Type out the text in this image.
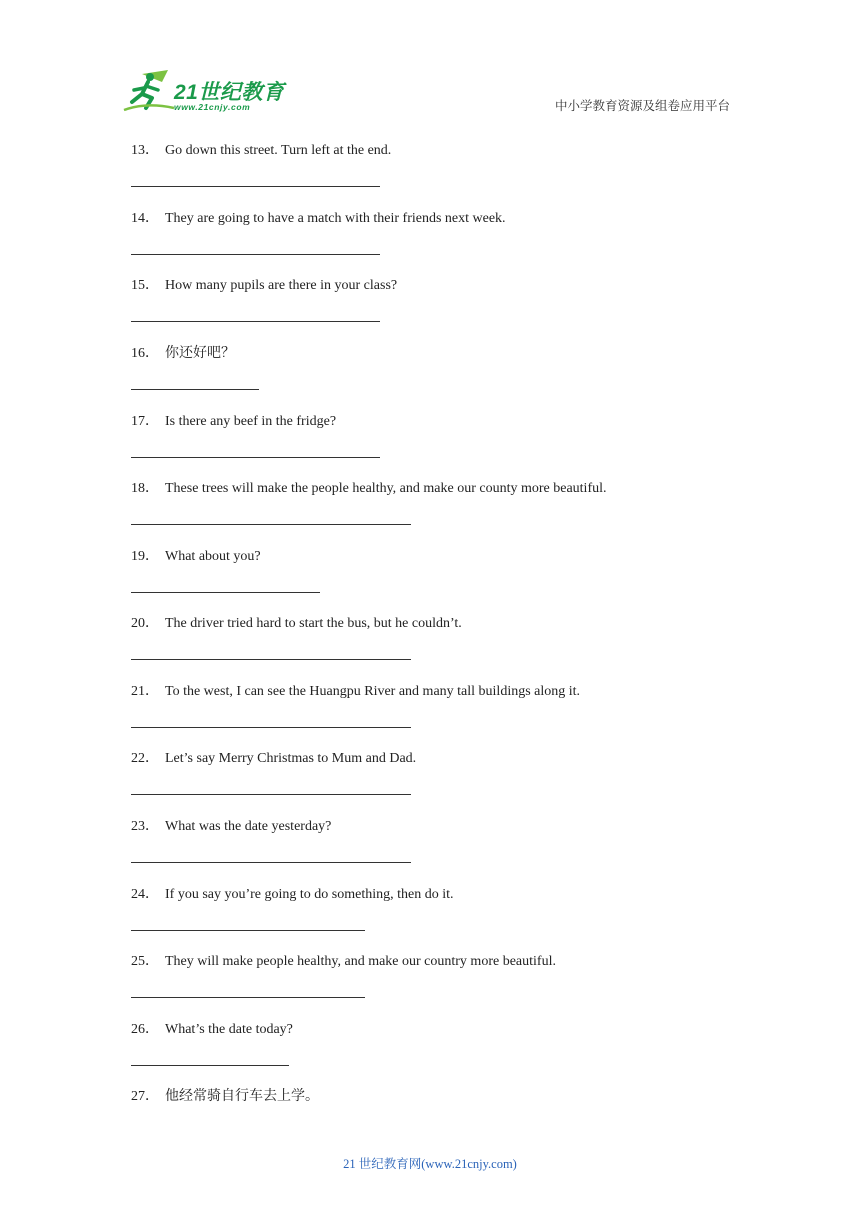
21世纪教育
www.21cnjy.com	中小学教育资源及组卷应用平台
13． Go down this street. Turn left at the end.
14． They are going to have a match with their friends next week.
15． How many pupils are there in your class?
16． 你还好吧？
17． Is there any beef in the fridge?
18． These trees will make the people healthy, and make our county more beautiful.
19． What about you?
20． The driver tried hard to start the bus, but he couldn’t.
21． To the west, I can see the Huangpu River and many tall buildings along it.
22． Let’s say Merry Christmas to Mum and Dad.
23． What was the date yesterday?
24． If you say you’re going to do something, then do it.
25． They will make people healthy, and make our country more beautiful.
26． What’s the date today?
27． 他经常骑自行车去上学。
21 世纪教育网(www.21cnjy.com)
